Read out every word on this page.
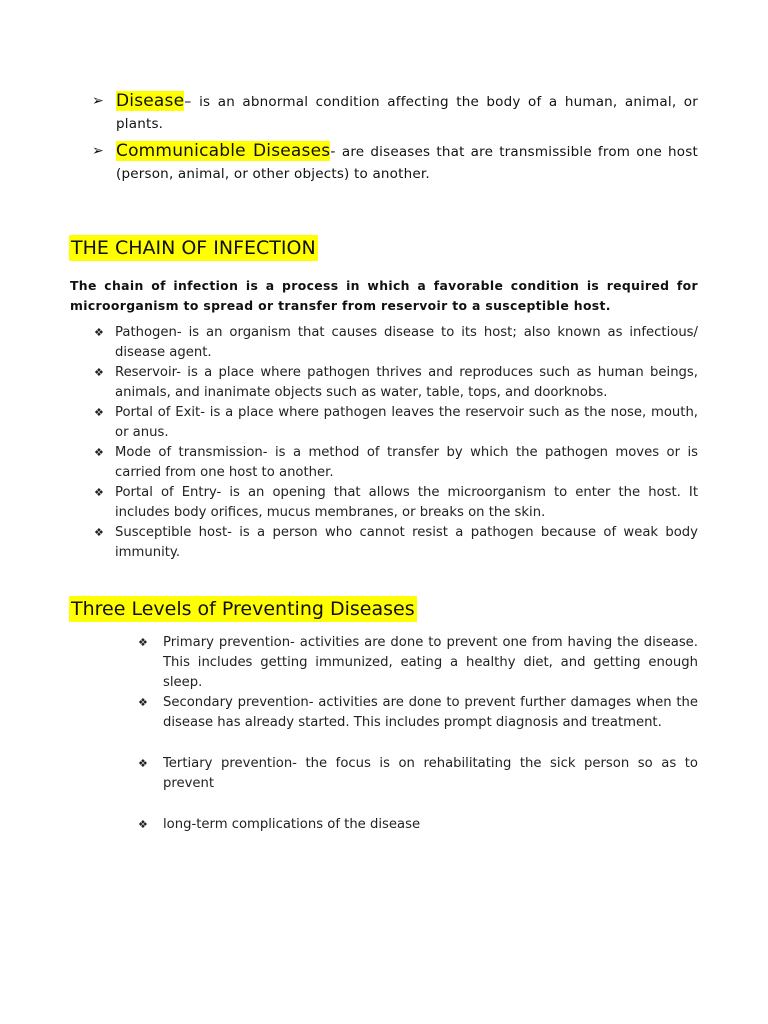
➢ Disease– is an abnormal condition affecting the body of a human, animal, or plants.
➢ Communicable Diseases- are diseases that are transmissible from one host (person, animal, or other objects) to another.
THE CHAIN OF INFECTION
The chain of infection is a process in which a favorable condition is required for microorganism to spread or transfer from reservoir to a susceptible host.
❖ Pathogen- is an organism that causes disease to its host; also known as infectious/ disease agent.
❖ Reservoir- is a place where pathogen thrives and reproduces such as human beings, animals, and inanimate objects such as water, table, tops, and doorknobs.
❖ Portal of Exit- is a place where pathogen leaves the reservoir such as the nose, mouth, or anus.
❖ Mode of transmission- is a method of transfer by which the pathogen moves or is carried from one host to another.
❖ Portal of Entry- is an opening that allows the microorganism to enter the host. It includes body orifices, mucus membranes, or breaks on the skin.
❖ Susceptible host- is a person who cannot resist a pathogen because of weak body immunity.
Three Levels of Preventing Diseases
❖ Primary prevention- activities are done to prevent one from having the disease. This includes getting immunized, eating a healthy diet, and getting enough sleep.
❖ Secondary prevention- activities are done to prevent further damages when the disease has already started. This includes prompt diagnosis and treatment.
❖ Tertiary prevention- the focus is on rehabilitating the sick person so as to prevent
❖ long-term complications of the disease
